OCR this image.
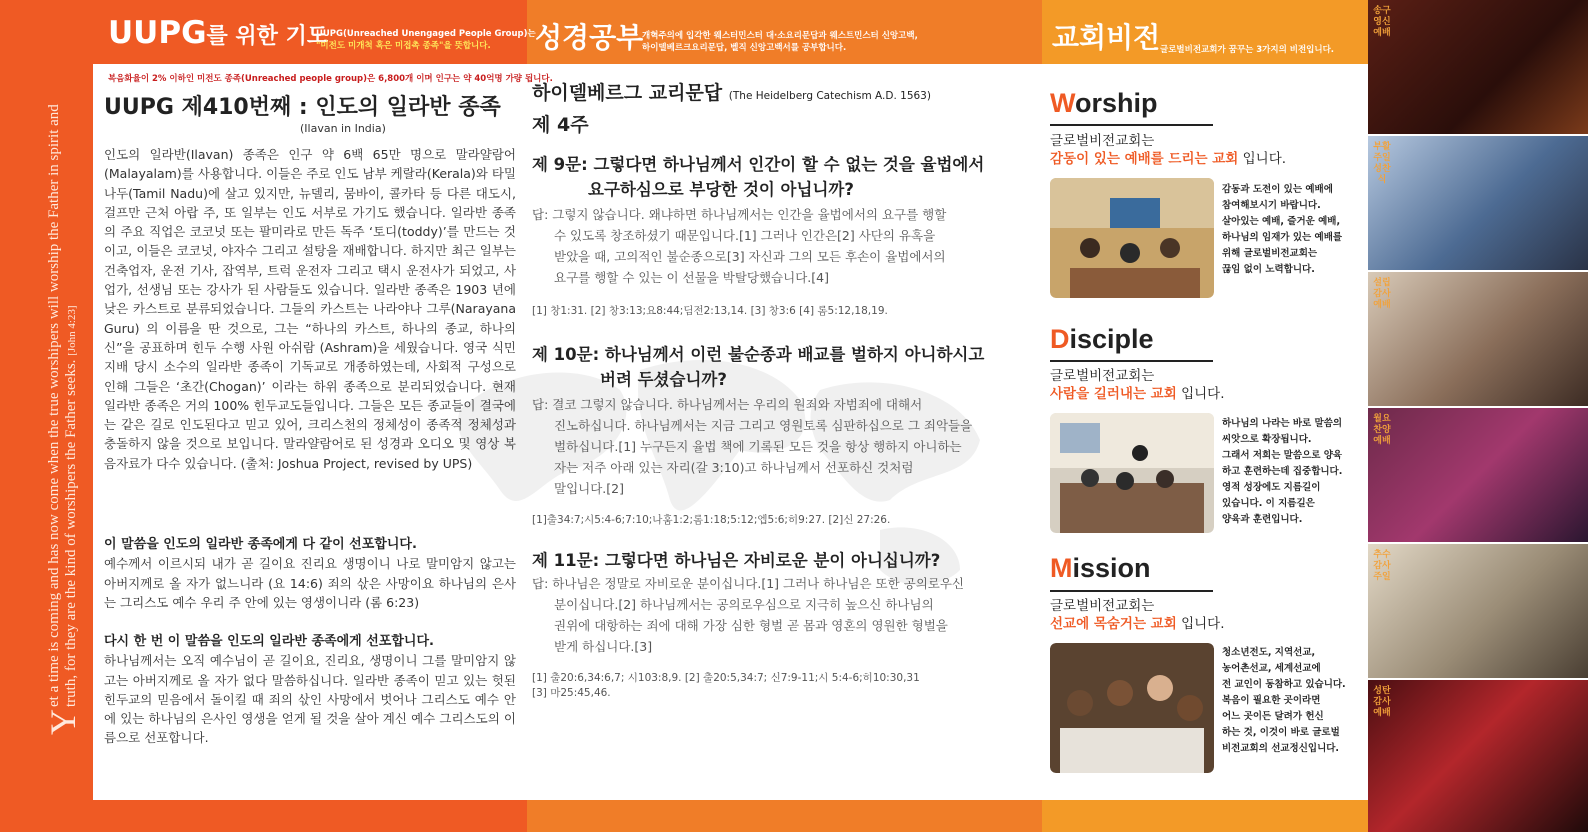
Y
et a time is coming and has now come when the true worshipers will worship the Father in spirit and truth, for they are the kind of worshipers the Father seeks. [John 4:23]
UUPG를 위한 기도
UUPG(Unreached Unengaged People Group)는
"미전도 미개척 혹은 미접촉 종족"을 뜻합니다.	성경공부
개혁주의에 입각한 웨스터민스터 대·소요리문답과 웨스트민스터 신앙고백,
하이델베르크요리문답, 벨직 신앙고백서를 공부합니다.	교회비전 글로벌비전교회가 꿈꾸는 3가지의 비전입니다.
복음화율이 2% 이하인 미전도 종족(Unreached people group)은 6,800개 이며 인구는 약 40억명 가량 됩니다.
UUPG 제410번째 : 인도의 일라반 종족
(Ilavan in India)

인도의 일라반(Ilavan) 종족은 인구 약 6백 65만 명으로 말라얄람어(Malayalam)를 사용합니다. 이들은 주로 인도 남부 케랄라(Kerala)와 타밀 나두(Tamil Nadu)에 살고 있지만, 뉴델리, 뭄바이, 콜카타 등 다른 대도시, 걸프만 근처 아랍 주, 또 일부는 인도 서부로 가기도 했습니다. 일라반 종족의 주요 직업은 코코넛 또는 팔미라로 만든 독주 ‘토디(toddy)’를 만드는 것이고, 이들은 코코넛, 야자수 그리고 설탕을 재배합니다. 하지만 최근 일부는 건축업자, 운전 기사, 잡역부, 트럭 운전자 그리고 택시 운전사가 되었고, 사업가, 선생님 또는 강사가 된 사람들도 있습니다. 일라반 종족은 1903 년에 낮은 카스트로 분류되었습니다. 그들의 카스트는 나라야나 그루(Narayana Guru) 의 이름을 딴 것으로, 그는 “하나의 카스트, 하나의 종교, 하나의 신”을 공표하며 힌두 수행 사원 아쉬람 (Ashram)을 세웠습니다. 영국 식민 지배 당시 소수의 일라반 종족이 기독교로 개종하였는데, 사회적 구성으로 인해 그들은 ‘초간(Chogan)’ 이라는 하위 종족으로 분리되었습니다. 현재 일라반 종족은 거의 100% 힌두교도들입니다. 그들은 모든 종교들이 결국에는 같은 길로 인도된다고 믿고 있어, 크리스천의 정체성이 종족적 정체성과 충돌하지 않을 것으로 보입니다. 말라얄람어로 된 성경과 오디오 및 영상 복음자료가 다수 있습니다. (출처: Joshua Project, revised by UPS)

이 말씀을 인도의 일라반 종족에게 다 같이 선포합니다.

예수께서 이르시되 내가 곧 길이요 진리요 생명이니 나로 말미암지 않고는 아버지께로 올 자가 없느니라 (요 14:6) 죄의 삯은 사망이요 하나님의 은사는 그리스도 예수 우리 주 안에 있는 영생이니라 (롬 6:23)

다시 한 번 이 말씀을 인도의 일라반 종족에게 선포합니다.

하나님께서는 오직 예수님이 곧 길이요, 진리요, 생명이니 그를 말미암지 않고는 아버지께로 올 자가 없다 말씀하십니다. 일라반 종족이 믿고 있는 헛된 힌두교의 믿음에서 돌이킬 때 죄의 삯인 사망에서 벗어나 그리스도 예수 안에 있는 하나님의 은사인 영생을 얻게 될 것을 살아 계신 예수 그리스도의 이름으로 선포합니다.

하이델베르그 교리문답 (The Heidelberg Catechism A.D. 1563)
제 4주
제 9문: 그렇다면 하나님께서 인간이 할 수 없는 것을 율법에서
요구하심으로 부당한 것이 아닙니까?
답: 그렇지 않습니다. 왜냐하면 하나님께서는 인간을 율법에서의 요구를 행할
수 있도록 창조하셨기 때문입니다.[1] 그러나 인간은[2] 사단의 유혹을
받았을 때, 고의적인 불순종으로[3] 자신과 그의 모든 후손이 율법에서의
요구를 행할 수 있는 이 선물을 박탈당했습니다.[4]
[1] 창1:31. [2] 창3:13;요8:44;딤전2:13,14. [3] 창3:6 [4] 롬5:12,18,19.
제 10문: 하나님께서 이런 불순종과 배교를 벌하지 아니하시고
버려 두셨습니까?
답: 결코 그렇지 않습니다. 하나님께서는 우리의 원죄와 자범죄에 대해서
진노하십니다. 하나님께서는 지금 그리고 영원토록 심판하십으로 그 죄악들을
벌하십니다.[1] 누구든지 율법 책에 기록된 모든 것을 항상 행하지 아니하는
자는 저주 아래 있는 자리(갈 3:10)고 하나님께서 선포하신 것처럼
말입니다.[2]
[1]출34:7;시5:4-6;7:10;나훔1:2;롬1:18;5:12;엡5:6;히9:27. [2]신 27:26.
제 11문: 그렇다면 하나님은 자비로운 분이 아니십니까?
답: 하나님은 정말로 자비로운 분이십니다.[1] 그러나 하나님은 또한 공의로우신
분이십니다.[2] 하나님께서는 공의로우심으로 지극히 높으신 하나님의
권위에 대항하는 죄에 대해 가장 심한 형벌 곧 몸과 영혼의 영원한 형벌을
받게 하십니다.[3]
[1] 출20:6,34:6,7; 시103:8,9. [2] 출20:5,34:7; 신7:9-11;시 5:4-6;히10:30,31
[3] 마25:45,46.
Worship
글로벌비전교회는
감동이 있는 예배를 드리는 교회 입니다.
감동과 도전이 있는 예배에
참여해보시기 바랍니다.
살아있는 예배, 즐거운 예배,
하나님의 임재가 있는 예배를
위해 글로벌비전교회는
끊임 없이 노력합니다.
Disciple
글로벌비전교회는
사람을 길러내는 교회 입니다.
하나님의 나라는 바로 말씀의
씨앗으로 확장됩니다.
그래서 저희는 말씀으로 양육
하고 훈련하는데 집중합니다.
영적 성장에도 지름길이
있습니다. 이 지름길은
양육과 훈련입니다.
Mission
글로벌비전교회는
선교에 목숨거는 교회 입니다.
청소년전도, 지역선교,
농어촌선교, 세계선교에
전 교인이 동참하고 있습니다.
복음이 필요한 곳이라면
어느 곳이든 달려가 헌신
하는 것, 이것이 바로 글로벌
비전교회의 선교정신입니다.
송구영신예배
부활주일 성찬식
설립감사예배
월요찬양예배
추수감사주일
성탄감사예배
